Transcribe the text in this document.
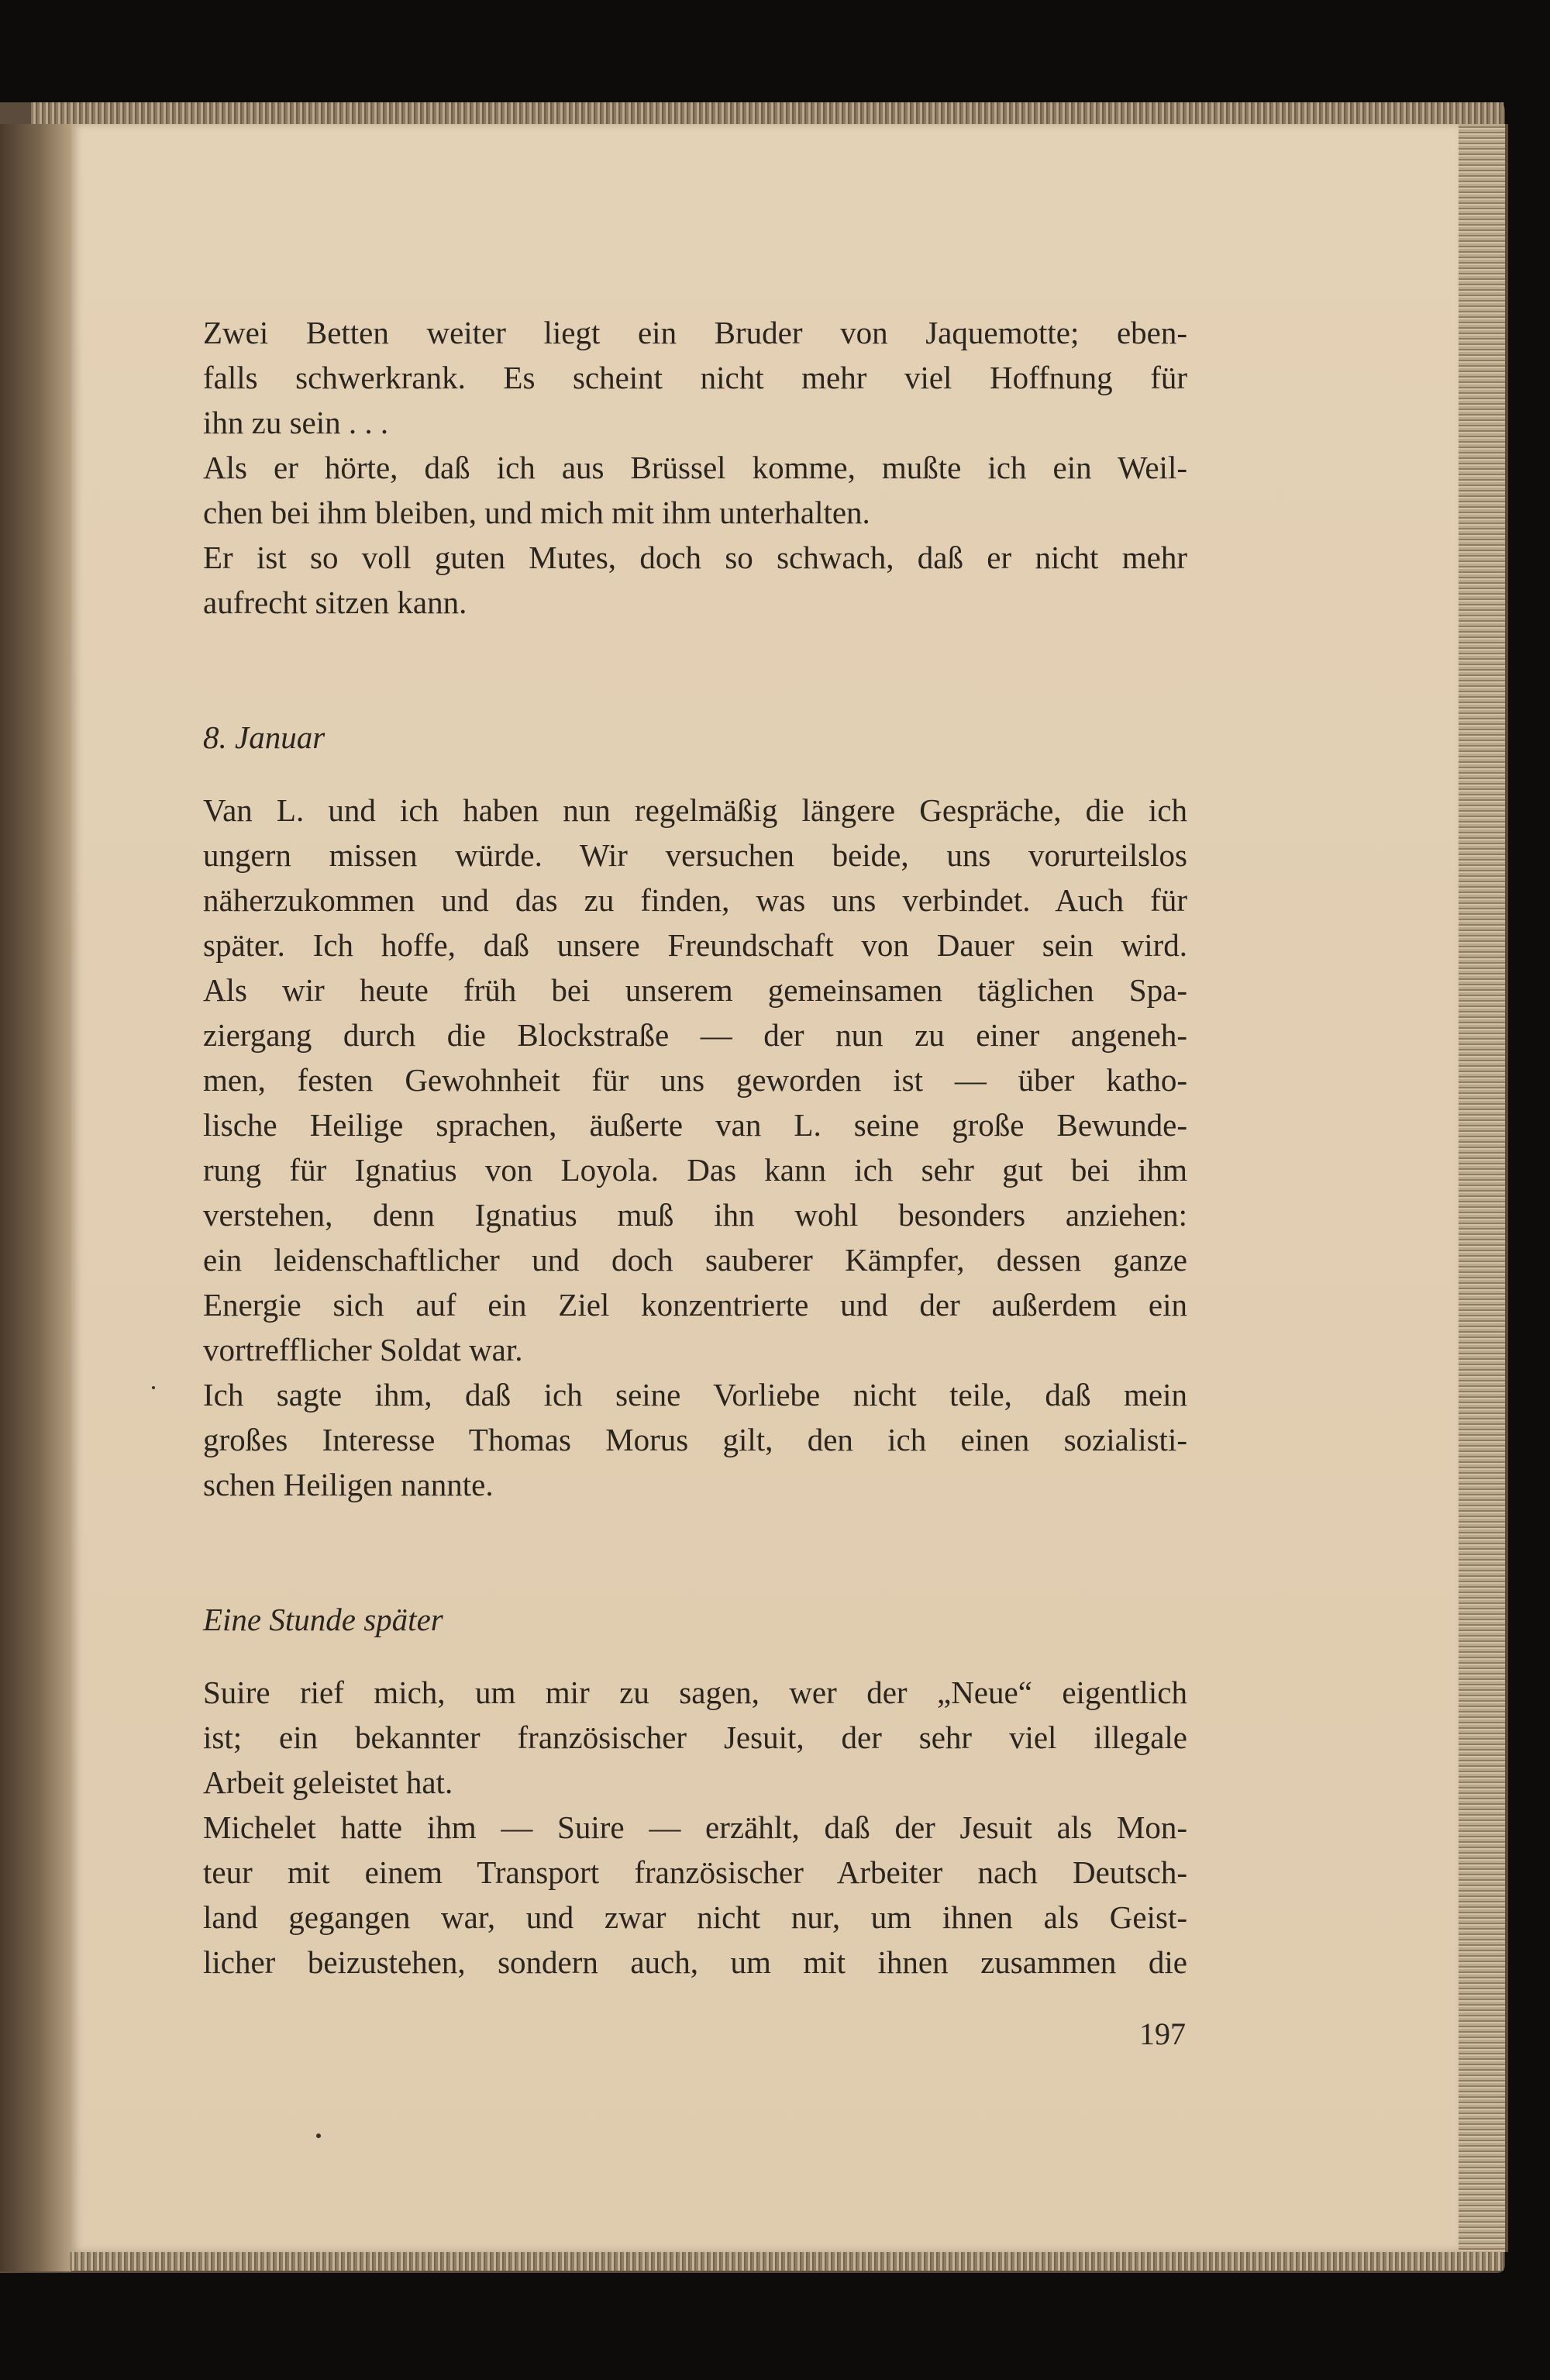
Zwei Betten weiter liegt ein Bruder von Jaquemotte; eben-
falls schwerkrank. Es scheint nicht mehr viel Hoffnung für
ihn zu sein . . .
Als er hörte, daß ich aus Brüssel komme, mußte ich ein Weil-
chen bei ihm bleiben, und mich mit ihm unterhalten.
Er ist so voll guten Mutes, doch so schwach, daß er nicht mehr
aufrecht sitzen kann.
8. Januar
Van L. und ich haben nun regelmäßig längere Gespräche, die ich
ungern missen würde. Wir versuchen beide, uns vorurteilslos
näherzukommen und das zu finden, was uns verbindet. Auch für
später. Ich hoffe, daß unsere Freundschaft von Dauer sein wird.
Als wir heute früh bei unserem gemeinsamen täglichen Spa-
ziergang durch die Blockstraße — der nun zu einer angeneh-
men, festen Gewohnheit für uns geworden ist — über katho-
lische Heilige sprachen, äußerte van L. seine große Bewunde-
rung für Ignatius von Loyola. Das kann ich sehr gut bei ihm
verstehen, denn Ignatius muß ihn wohl besonders anziehen:
ein leidenschaftlicher und doch sauberer Kämpfer, dessen ganze
Energie sich auf ein Ziel konzentrierte und der außerdem ein
vortrefflicher Soldat war.
Ich sagte ihm, daß ich seine Vorliebe nicht teile, daß mein
großes Interesse Thomas Morus gilt, den ich einen sozialisti-
schen Heiligen nannte.
Eine Stunde später
Suire rief mich, um mir zu sagen, wer der „Neue“ eigentlich
ist; ein bekannter französischer Jesuit, der sehr viel illegale
Arbeit geleistet hat.
Michelet hatte ihm — Suire — erzählt, daß der Jesuit als Mon-
teur mit einem Transport französischer Arbeiter nach Deutsch-
land gegangen war, und zwar nicht nur, um ihnen als Geist-
licher beizustehen, sondern auch, um mit ihnen zusammen die
197
